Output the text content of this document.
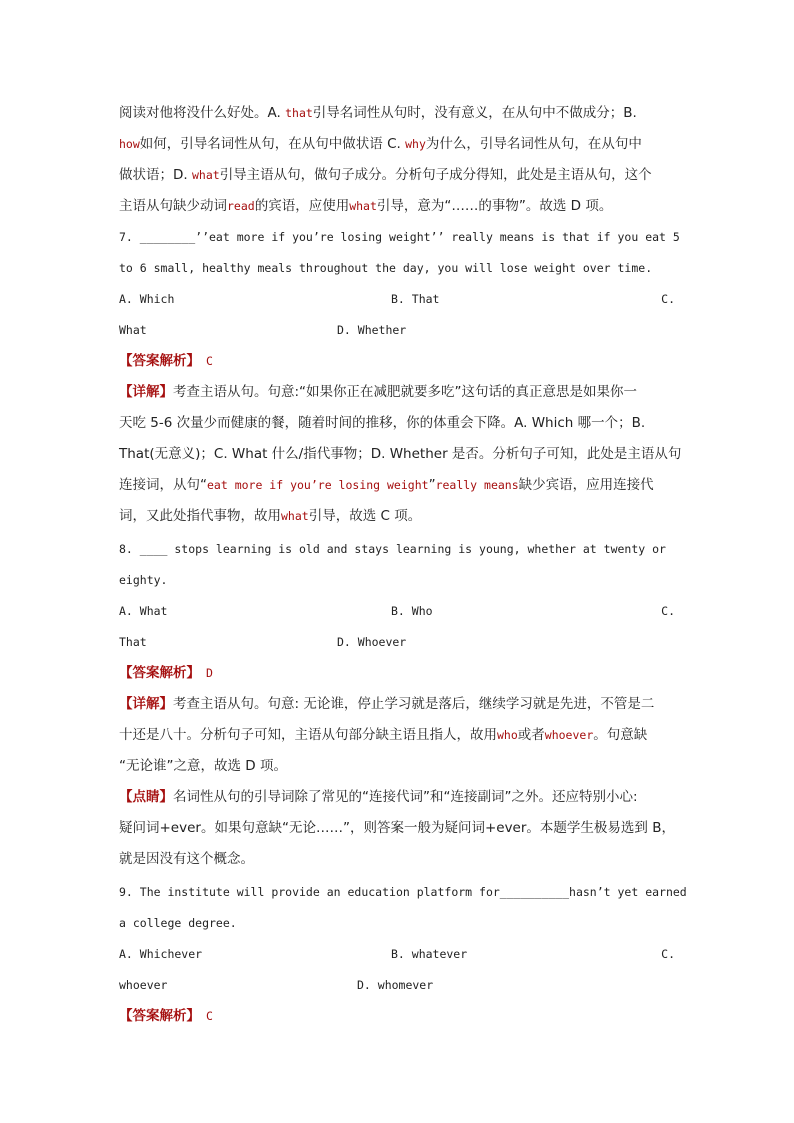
阅读对他将没什么好处。A. that引导名词性从句时，没有意义，在从句中不做成分；B.
how如何，引导名词性从句，在从句中做状语 C. why为什么，引导名词性从句，在从句中
做状语；D. what引导主语从句，做句子成分。分析句子成分得知，此处是主语从句，这个
主语从句缺少动词read的宾语，应使用what引导，意为“……的事物”。故选 D 项。
7. ________’’eat more if you’re losing weight’’ really means is that if you eat 5
to 6 small, healthy meals throughout the day, you will lose weight over time.
A. Which	B. That	C.
What	D. Whether
【答案解析】 C
【详解】考查主语从句。句意:“如果你正在减肥就要多吃”这句话的真正意思是如果你一
天吃 5-6 次量少而健康的餐，随着时间的推移，你的体重会下降。A. Which 哪一个；B.
That(无意义)；C. What 什么/指代事物；D. Whether 是否。分析句子可知，此处是主语从句
连接词，从句“eat more if you’re losing weight”really means缺少宾语，应用连接代
词，又此处指代事物，故用what引导，故选 C 项。
8. ____ stops learning is old and stays learning is young, whether at twenty or
eighty.
A. What	B. Who	C.
That	D. Whoever
【答案解析】 D
【详解】考查主语从句。句意: 无论谁，停止学习就是落后，继续学习就是先进，不管是二
十还是八十。分析句子可知，主语从句部分缺主语且指人，故用who或者whoever。句意缺
“无论谁”之意，故选 D 项。
【点睛】名词性从句的引导词除了常见的“连接代词”和“连接副词”之外。还应特别小心:
疑问词+ever。如果句意缺“无论……”，则答案一般为疑问词+ever。本题学生极易选到 B，
就是因没有这个概念。
9. The institute will provide an education platform for__________hasn’t yet earned
a college degree.
A. Whichever	B. whatever	C.
whoever	D. whomever
【答案解析】 C
